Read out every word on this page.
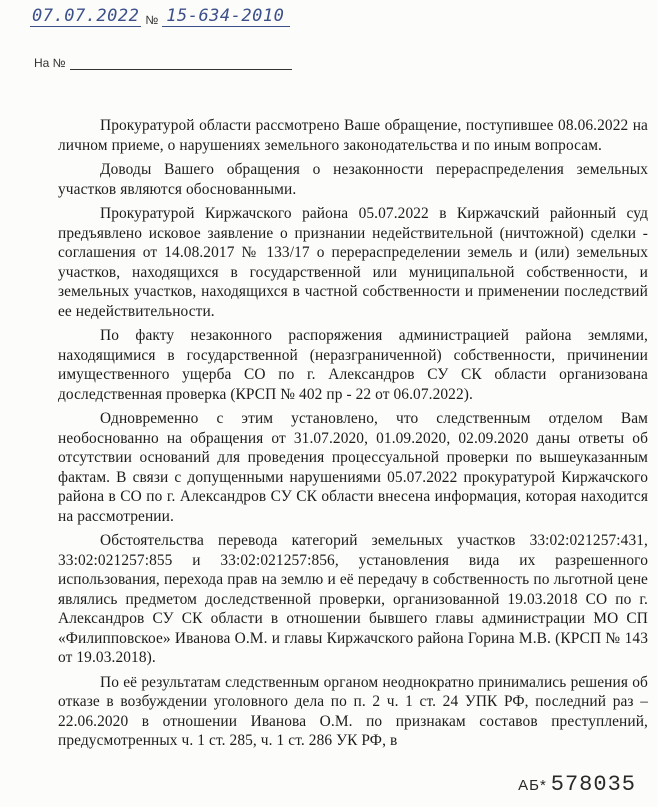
07.07.2022 № 15-634-2010
На №

Прокуратурой области рассмотрено Ваше обращение, поступившее 08.06.2022 на личном приеме, о нарушениях земельного законодательства и по иным вопросам.

Доводы Вашего обращения о незаконности перераспределения земельных участков являются обоснованными.

Прокуратурой Киржачского района 05.07.2022 в Киржачский районный суд предъявлено исковое заявление о признании недействительной (ничтожной) сделки - соглашения от 14.08.2017 № 133/17 о перераспределении земель и (или) земельных участков, находящихся в государственной или муниципальной собственности, и земельных участков, находящихся в частной собственности и применении последствий ее недействительности.

По факту незаконного распоряжения администрацией района землями, находящимися в государственной (неразграниченной) собственности, причинении имущественного ущерба СО по г. Александров СУ СК области организована доследственная проверка (КРСП № 402 пр - 22 от 06.07.2022).

Одновременно с этим установлено, что следственным отделом Вам необоснованно на обращения от 31.07.2020, 01.09.2020, 02.09.2020 даны ответы об отсутствии оснований для проведения процессуальной проверки по вышеуказанным фактам. В связи с допущенными нарушениями 05.07.2022 прокуратурой Киржачского района в СО по г. Александров СУ СК области внесена информация, которая находится на рассмотрении.

Обстоятельства перевода категорий земельных участков 33:02:021257:431, 33:02:021257:855 и 33:02:021257:856, установления вида их разрешенного использования, перехода прав на землю и её передачу в собственность по льготной цене являлись предметом доследственной проверки, организованной 19.03.2018 СО по г. Александров СУ СК области в отношении бывшего главы администрации МО СП «Филипповское» Иванова О.М. и главы Киржачского района Горина М.В. (КРСП № 143 от 19.03.2018).

По её результатам следственным органом неоднократно принимались решения об отказе в возбуждении уголовного дела по п. 2 ч. 1 ст. 24 УПК РФ, последний раз – 22.06.2020 в отношении Иванова О.М. по признакам составов преступлений, предусмотренных ч. 1 ст. 285, ч. 1 ст. 286 УК РФ, в

АБ* 578035
